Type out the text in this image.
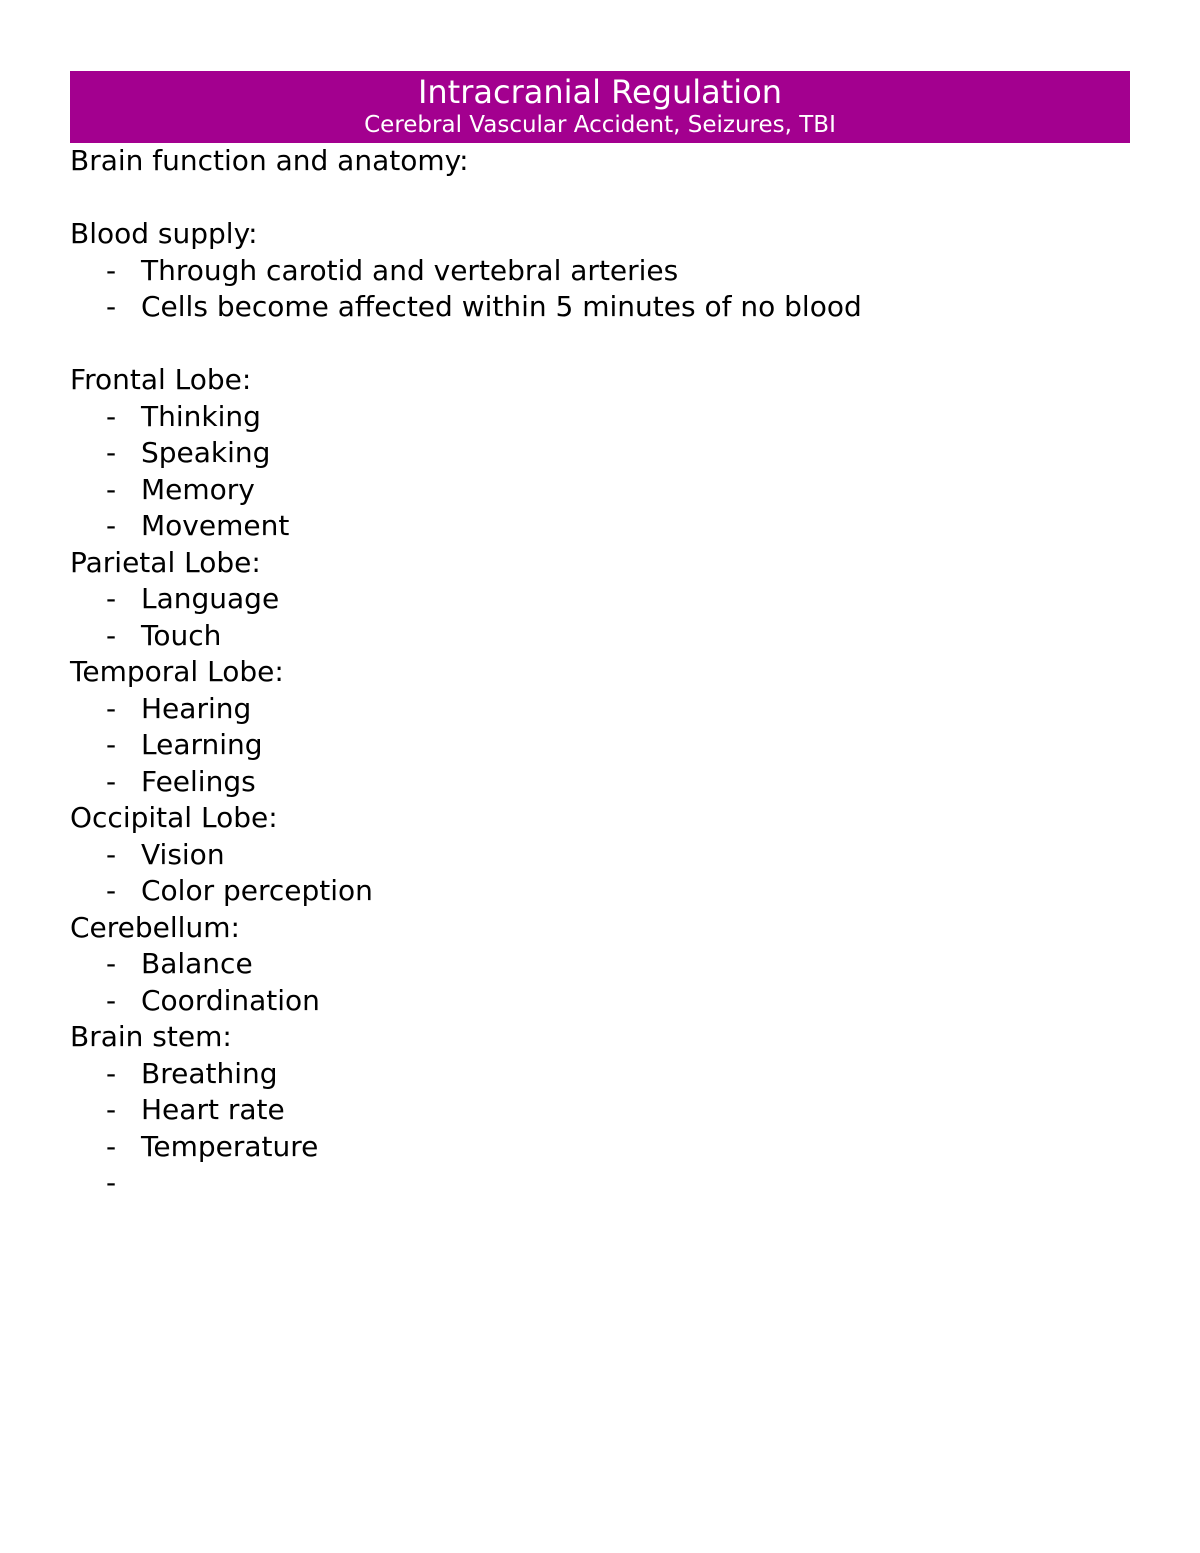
Intracranial Regulation
Cerebral Vascular Accident, Seizures, TBI
Brain function and anatomy:
Blood supply:
- Through carotid and vertebral arteries
- Cells become affected within 5 minutes of no blood
Frontal Lobe:
- Thinking
- Speaking
- Memory
- Movement
Parietal Lobe:
- Language
- Touch
Temporal Lobe:
- Hearing
- Learning
- Feelings
Occipital Lobe:
- Vision
- Color perception
Cerebellum:
- Balance
- Coordination
Brain stem:
- Breathing
- Heart rate
- Temperature
-
